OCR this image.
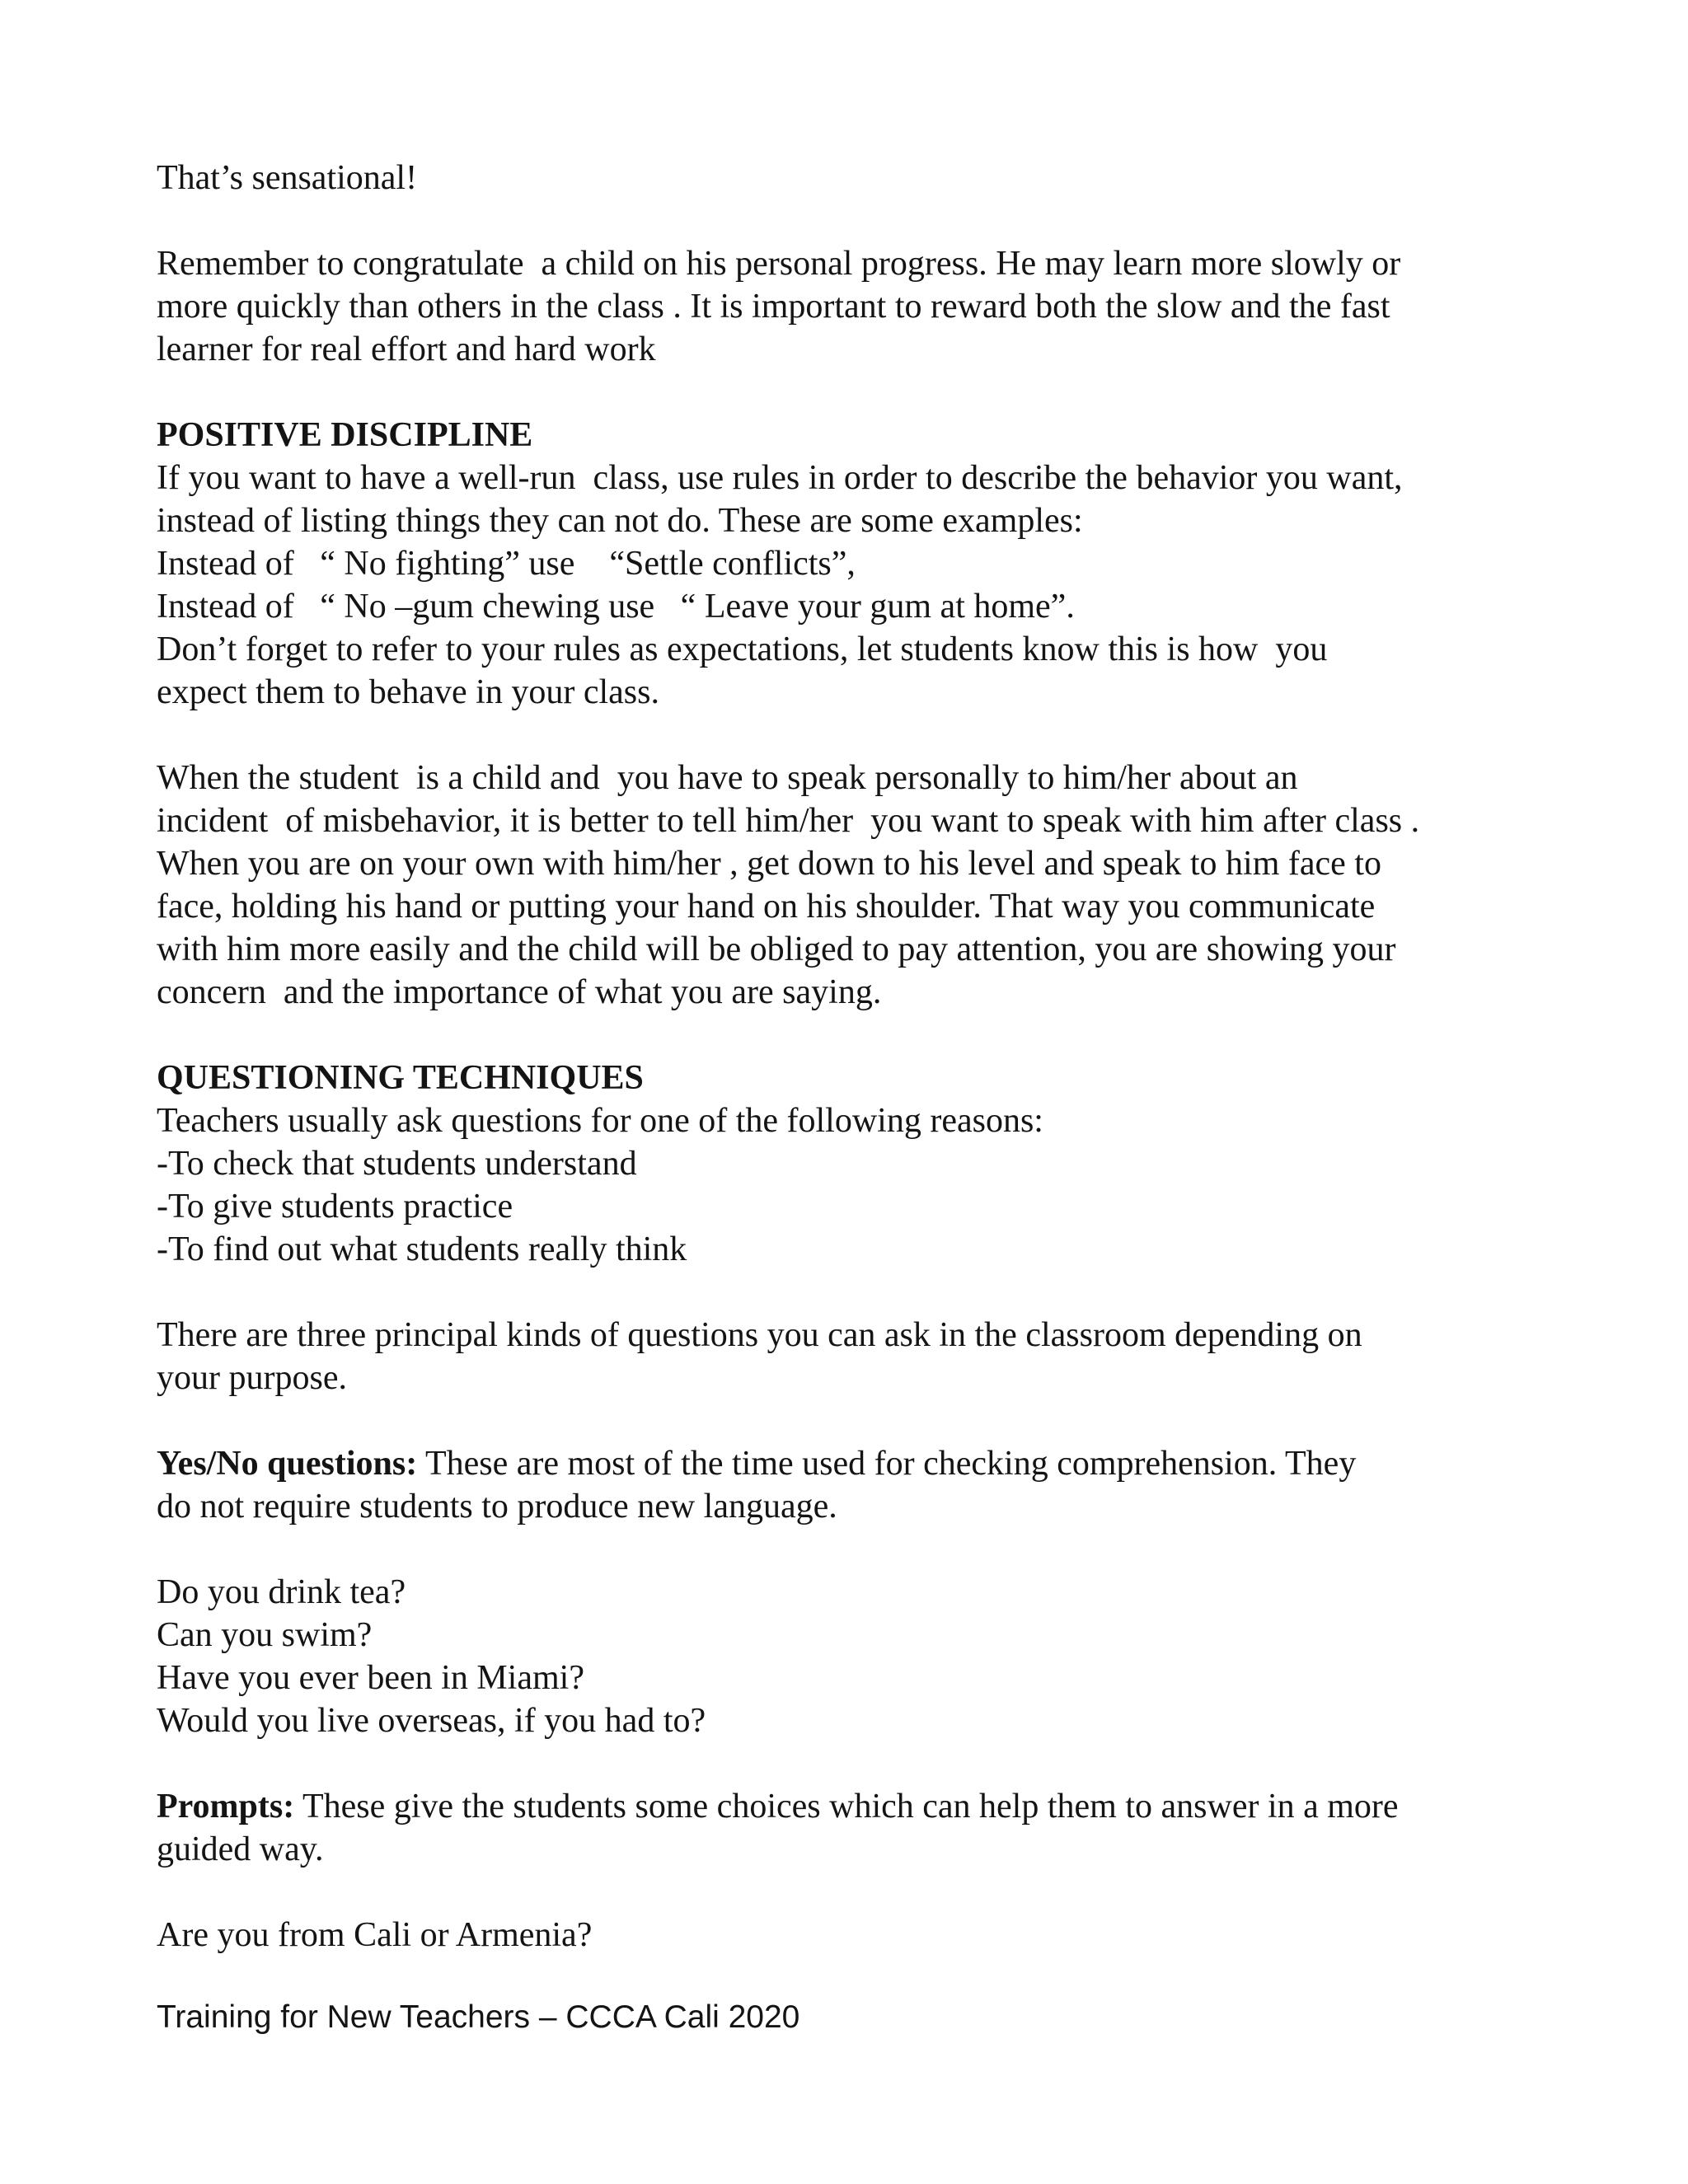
That’s sensational!
Remember to congratulate  a child on his personal progress. He may learn more slowly or
more quickly than others in the class . It is important to reward both the slow and the fast
learner for real effort and hard work
POSITIVE DISCIPLINE
If you want to have a well-run  class, use rules in order to describe the behavior you want,
instead of listing things they can not do. These are some examples:
Instead of   “ No fighting” use    “Settle conflicts”,
Instead of   “ No –gum chewing use   “ Leave your gum at home”.
Don’t forget to refer to your rules as expectations, let students know this is how  you
expect them to behave in your class.
When the student  is a child and  you have to speak personally to him/her about an
incident  of misbehavior, it is better to tell him/her  you want to speak with him after class .
When you are on your own with him/her , get down to his level and speak to him face to
face, holding his hand or putting your hand on his shoulder. That way you communicate
with him more easily and the child will be obliged to pay attention, you are showing your
concern  and the importance of what you are saying.
QUESTIONING TECHNIQUES
Teachers usually ask questions for one of the following reasons:
-To check that students understand
-To give students practice
-To find out what students really think
There are three principal kinds of questions you can ask in the classroom depending on
your purpose.
Yes/No questions: These are most of the time used for checking comprehension. They
do not require students to produce new language.
Do you drink tea?
Can you swim?
Have you ever been in Miami?
Would you live overseas, if you had to?
Prompts: These give the students some choices which can help them to answer in a more
guided way.
Are you from Cali or Armenia?
Training for New Teachers – CCCA Cali 2020
